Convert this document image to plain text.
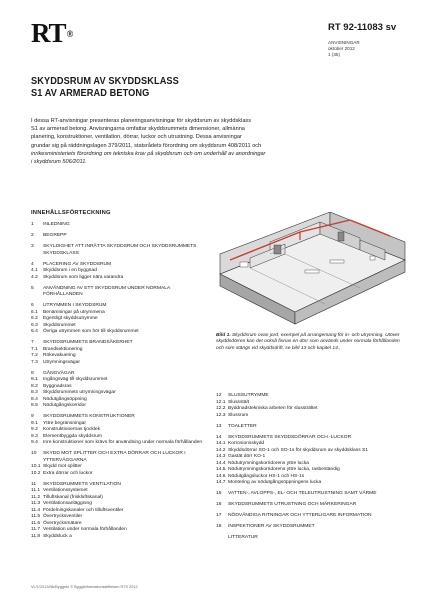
RT®
RT 92-11083 sv
ANVISNINGAR
oktober 2012
1 (35)
SKYDDSRUM AV SKYDDSKLASS
S1 AV ARMERAD BETONG
I dessa RT-anvisningar presenteras planeringsanvisningar för skyddsrum av skyddsklass
S1 av armerad betong. Anvisningarna omfattar skyddsrummets dimensioner, allmänna
planering, konstruktioner, ventilation, dörrar, luckor och utrustning. Dessa anvisningar
grundar sig på räddningslagen 379/2011, statsrådets förordning om skyddsrum 408/2011 och
inrikesministeriets förordning om tekniska krav på skyddsrum och om underhåll av anordningar
i skyddsrum 506/2011.
INNEHÅLLSFÖRTECKNING
1	INLEDNING
2	BEGREPP
3	SKYLDIGHET ATT INRÄTTA SKYDDSRUM OCH SKYDDSRUMMETS SKYDDSKLASS
4	PLACERING AV SKYDDSRUM
4.1	Skyddsrum i en byggnad
4.2	Skyddsrum som ligger nära varandra
5	ANVÄNDNING AV ETT SKYDDSRUM UNDER NORMALA FÖRHÅLLANDEN
6	UTRYMMEN I SKYDDSRUM
6.1	Benämningar på utrymmena
6.2	Egentligt skyddsutrymme
6.3	Skyddsrummet
6.4	Övriga utrymmen som hör till skyddsrummet
7	SKYDDSRUMMETS BRANDSÄKERHET
7.1	Brandsektionering
7.2	Rökevakuering
7.3	Utrymningsvägar
8	GÅNGVÄGAR
8.1	Ingångsväg till skyddsrummet
8.2	Byggnadsras
8.3	Skyddsrummets utrymningsvägar
8.4	Nödutgångsöppning
8.5	Nödutgångskorridor
9	SKYDDSRUMMETS KONSTRUKTIONER
9.1	Yttre begränsningar
9.2	Konstruktionernas tjocklek
9.3	Elementbyggda skyddsrum
9.4	Inre konstruktioner som krävs för användning under normala förhållanden
10	SKYDD MOT SPLITTER OCH EXTRA DÖRRAR OCH LUCKOR I YTTERVÄGGARNA
10.1 Skydd mot splitter
10.2 Extra dörrar och luckor
11	SKYDDSRUMMETS VENTILATION
11.1 Ventilationssystemet
11.2 Tilluftskanal (friskluftskanal)
11.3 Ventilationsanläggning
11.4 Fördelningskanaler och tilluftsventiler
11.5 Övertrycksventiler
11.6 Övertrycksmätare
11.7 Ventilation under normala förhållanden
11.8 Skyddsluck a
12	SLUSSUTRYMME
12.1 Slussstält
12.2 Byddnadstekniska arbeten för slussträltet
12.3 Slussrum
13	TOALETTER
14	SKYDDSRUMMETS SKYDDSDÖRRAR OCH -LUCKOR
14.1 Korrosionsskydd
14.2 Skyddsdörrar SO-1 och SO-1s för skyddsrum av skyddsklass S1
14.3 Gastät dörr KO-1
14.4 Nödutrymningskorridorens yttre lucka
14.5 Nödutrymningskorridorens yttre lucka, rasbeständig
14.6 Nödutgångsluckor HS-1 och HS-1s
14.7 Montering av nödutgångsöppningens lucka
15	VATTEN-, AVLOPPS-, EL- OCH TELEUTRUSTNING SAMT VÄRME
16	SKYDDSRUMMETS UTRUSTNING OCH MÄRKERINGAR
17	NÖDVÄNDIGA RITNINGAR OCH YTTERLIGARE INFORMATION
18	INSPEKTIONER AV SKYDDSRUMMET
LITTERATUR
Bild 1. Skyddsrum ovan jord, exempel på arrangemang för in- och utrymning. Utöver skyddsdörren kan det också finnas en dörr som används under normala förhållanden och som stängs vid skyddsdrift, se bild 13 och kapitel 14..
VL/1/2012/Nb/Byggnfo © Byggtinformationsstiftelsen RTS 2012
